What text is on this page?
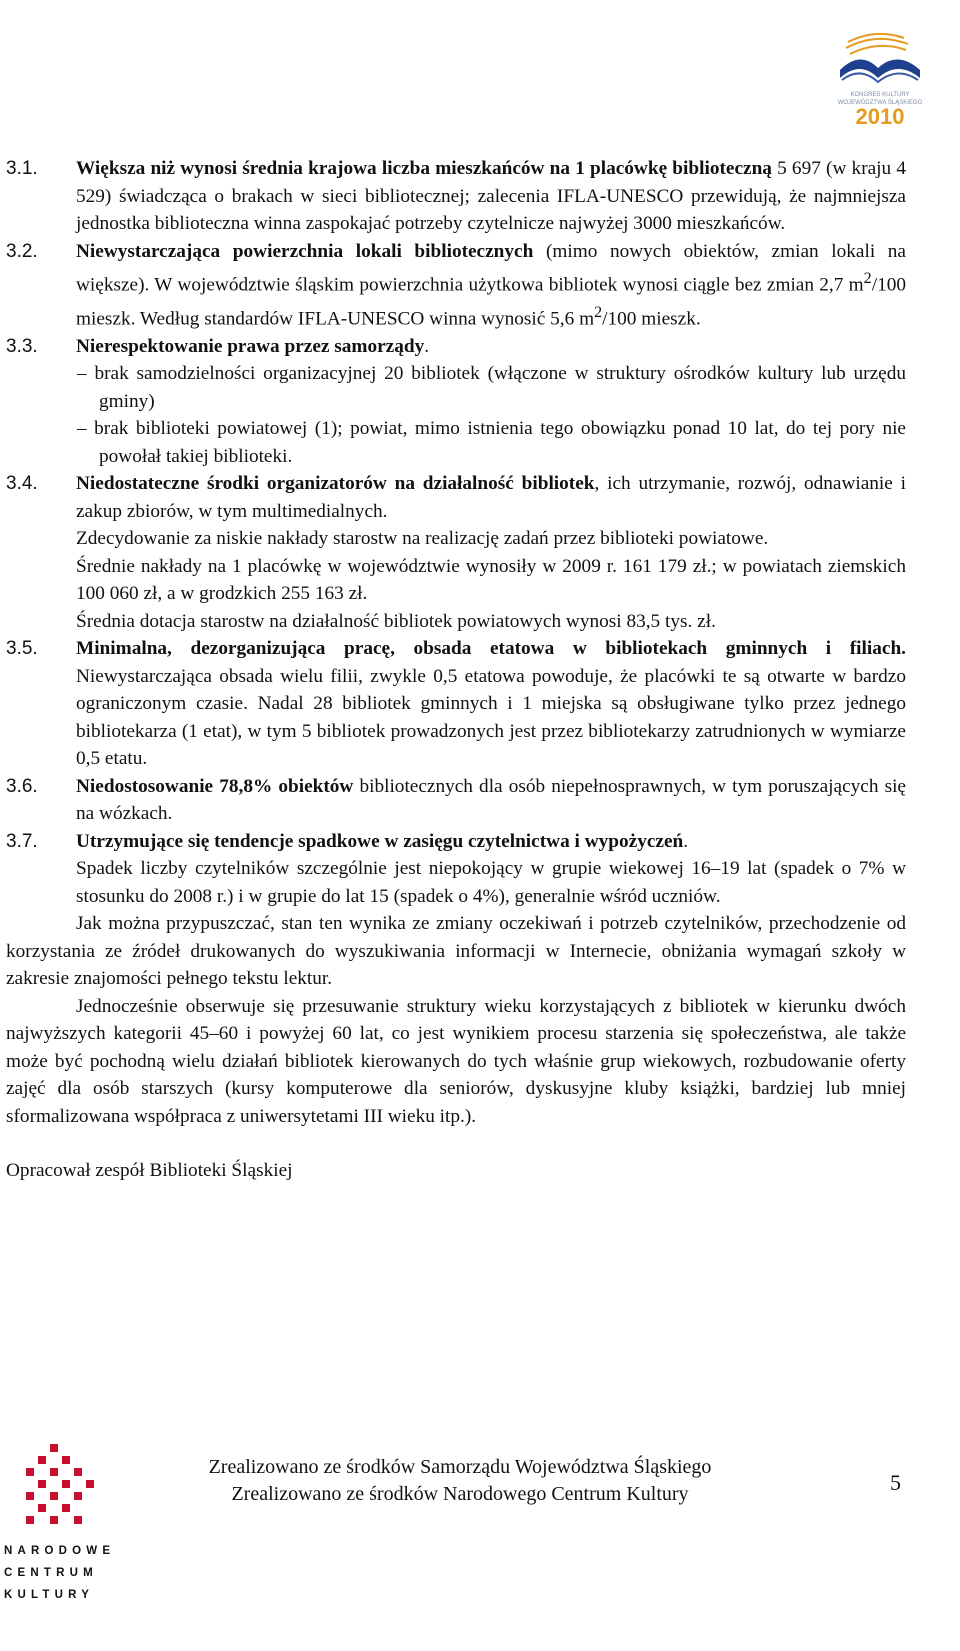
KONGRES KULTURY
WOJEWÓDZTWA ŚLĄSKIEGO
2010
3.1. Większa niż wynosi średnia krajowa liczba mieszkańców na 1 placówkę biblioteczną 5 697 (w kraju 4 529) świadcząca o brakach w sieci bibliotecznej; zalecenia IFLA-UNESCO przewidują, że najmniejsza jednostka biblioteczna winna zaspokajać potrzeby czytelnicze najwyżej 3000 mieszkańców.

3.2. Niewystarczająca powierzchnia lokali bibliotecznych (mimo nowych obiektów, zmian lokali na większe). W województwie śląskim powierzchnia użytkowa bibliotek wynosi ciągle bez zmian 2,7 $m^2/100$ mieszk. Według standardów IFLA-UNESCO winna wynosić 5,6 $m^2/100$ mieszk.

3.3. Nierespektowanie prawa przez samorządy.

– brak samodzielności organizacyjnej 20 bibliotek (włączone w struktury ośrodków kultury lub urzędu gminy)

– brak biblioteki powiatowej (1); powiat, mimo istnienia tego obowiązku ponad 10 lat, do tej pory nie powołał takiej biblioteki.

3.4. Niedostateczne środki organizatorów na działalność bibliotek, ich utrzymanie, rozwój, odnawianie i zakup zbiorów, w tym multimedialnych.

Zdecydowanie za niskie nakłady starostw na realizację zadań przez biblioteki powiatowe.

Średnie nakłady na 1 placówkę w województwie wynosiły w 2009 r. 161 179 zł.; w powiatach ziemskich 100 060 zł, a w grodzkich 255 163 zł.

Średnia dotacja starostw na działalność bibliotek powiatowych wynosi 83,5 tys. zł.

3.5. Minimalna, dezorganizująca pracę, obsada etatowa w bibliotekach gminnych i filiach. Niewystarczająca obsada wielu filii, zwykle 0,5 etatowa powoduje, że placówki te są otwarte w bardzo ograniczonym czasie. Nadal 28 bibliotek gminnych i 1 miejska są obsługiwane tylko przez jednego bibliotekarza (1 etat), w tym 5 bibliotek prowadzonych jest przez bibliotekarzy zatrudnionych w wymiarze 0,5 etatu.

3.6. Niedostosowanie 78,8% obiektów bibliotecznych dla osób niepełnosprawnych, w tym poruszających się na wózkach.

3.7. Utrzymujące się tendencje spadkowe w zasięgu czytelnictwa i wypożyczeń.

Spadek liczby czytelników szczególnie jest niepokojący w grupie wiekowej 16–19 lat (spadek o 7% w stosunku do 2008 r.) i w grupie do lat 15 (spadek o 4%), generalnie wśród uczniów.

Jak można przypuszczać, stan ten wynika ze zmiany oczekiwań i potrzeb czytelników, przechodzenie od korzystania ze źródeł drukowanych do wyszukiwania informacji w Internecie, obniżania wymagań szkoły w zakresie znajomości pełnego tekstu lektur.

Jednocześnie obserwuje się przesuwanie struktury wieku korzystających z bibliotek w kierunku dwóch najwyższych kategorii 45–60 i powyżej 60 lat, co jest wynikiem procesu starzenia się społeczeństwa, ale także może być pochodną wielu działań bibliotek kierowanych do tych właśnie grup wiekowych, rozbudowanie oferty zajęć dla osób starszych (kursy komputerowe dla seniorów, dyskusyjne kluby książki, bardziej lub mniej sformalizowana współpraca z uniwersytetami III wieku itp.).

Opracował zespół Biblioteki Śląskiej

NARODOWE
CENTRUM
KULTURY
Zrealizowano ze środków Samorządu Województwa Śląskiego
Zrealizowano ze środków Narodowego Centrum Kultury	5
